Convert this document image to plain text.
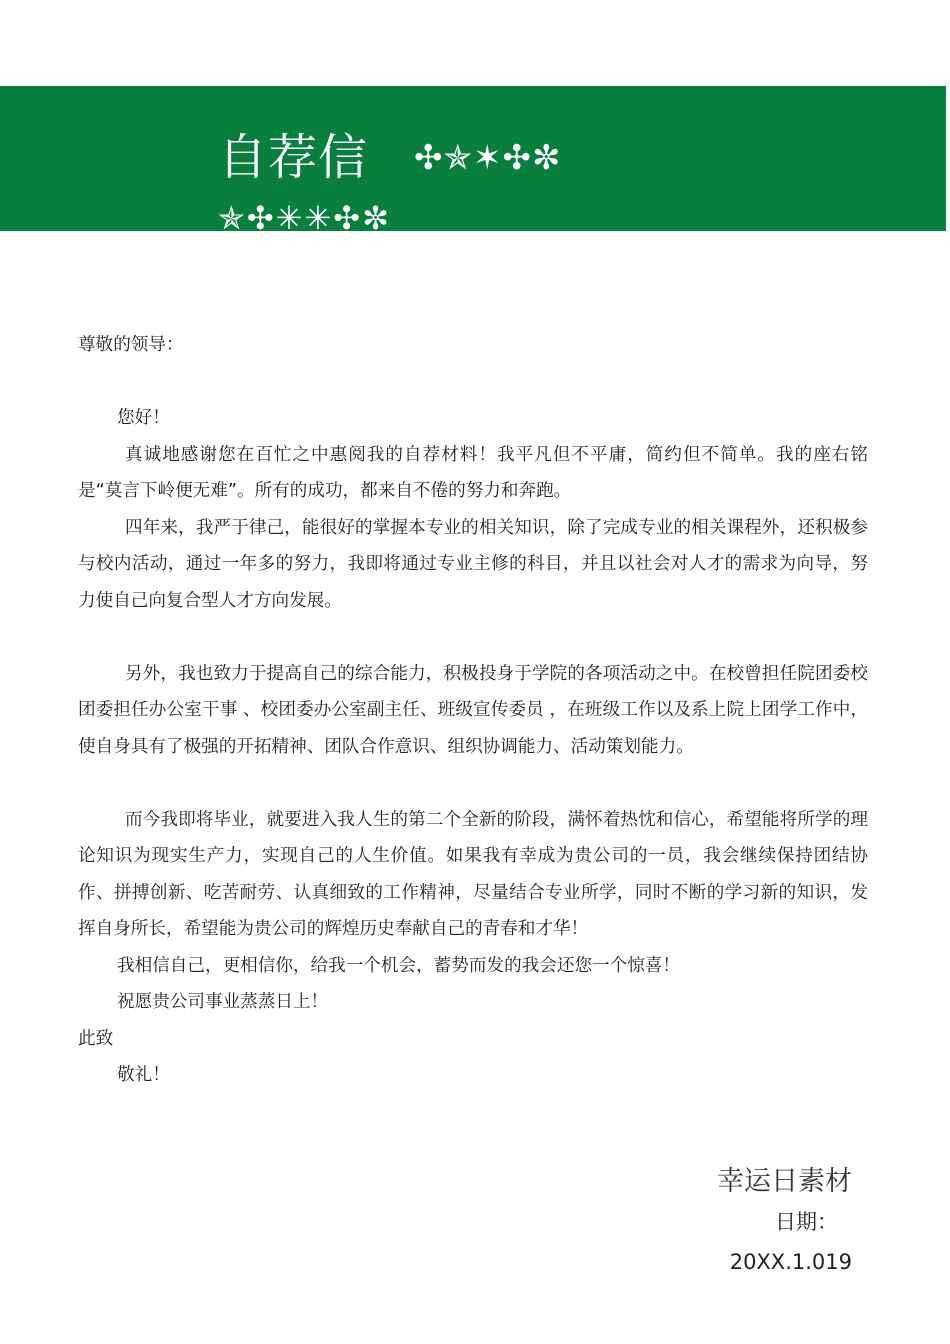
自荐信 ✣✯✶✣✼
✯✣✳✳✣✼

尊敬的领导：

您好！

真诚地感谢您在百忙之中惠阅我的自荐材料！我平凡但不平庸，简约但不简单。我的座右铭是“莫言下岭便无难”。所有的成功，都来自不倦的努力和奔跑。

四年来，我严于律己，能很好的掌握本专业的相关知识，除了完成专业的相关课程外，还积极参与校内活动，通过一年多的努力，我即将通过专业主修的科目，并且以社会对人才的需求为向导，努力使自己向复合型人才方向发展。

另外，我也致力于提高自己的综合能力，积极投身于学院的各项活动之中。在校曾担任院团委校团委担任办公室干事 、校团委办公室副主任、班级宣传委员 ，在班级工作以及系上院上团学工作中，使自身具有了极强的开拓精神、团队合作意识、组织协调能力、活动策划能力。

而今我即将毕业，就要进入我人生的第二个全新的阶段，满怀着热忱和信心，希望能将所学的理论知识为现实生产力，实现自己的人生价值。如果我有幸成为贵公司的一员，我会继续保持团结协作、拼搏创新、吃苦耐劳、认真细致的工作精神，尽量结合专业所学，同时不断的学习新的知识，发挥自身所长，希望能为贵公司的辉煌历史奉献自己的青春和才华！

我相信自己，更相信你，给我一个机会，蓄势而发的我会还您一个惊喜！

祝愿贵公司事业蒸蒸日上！

此致

敬礼！

幸运日素材
日期：
20XX.1.019
